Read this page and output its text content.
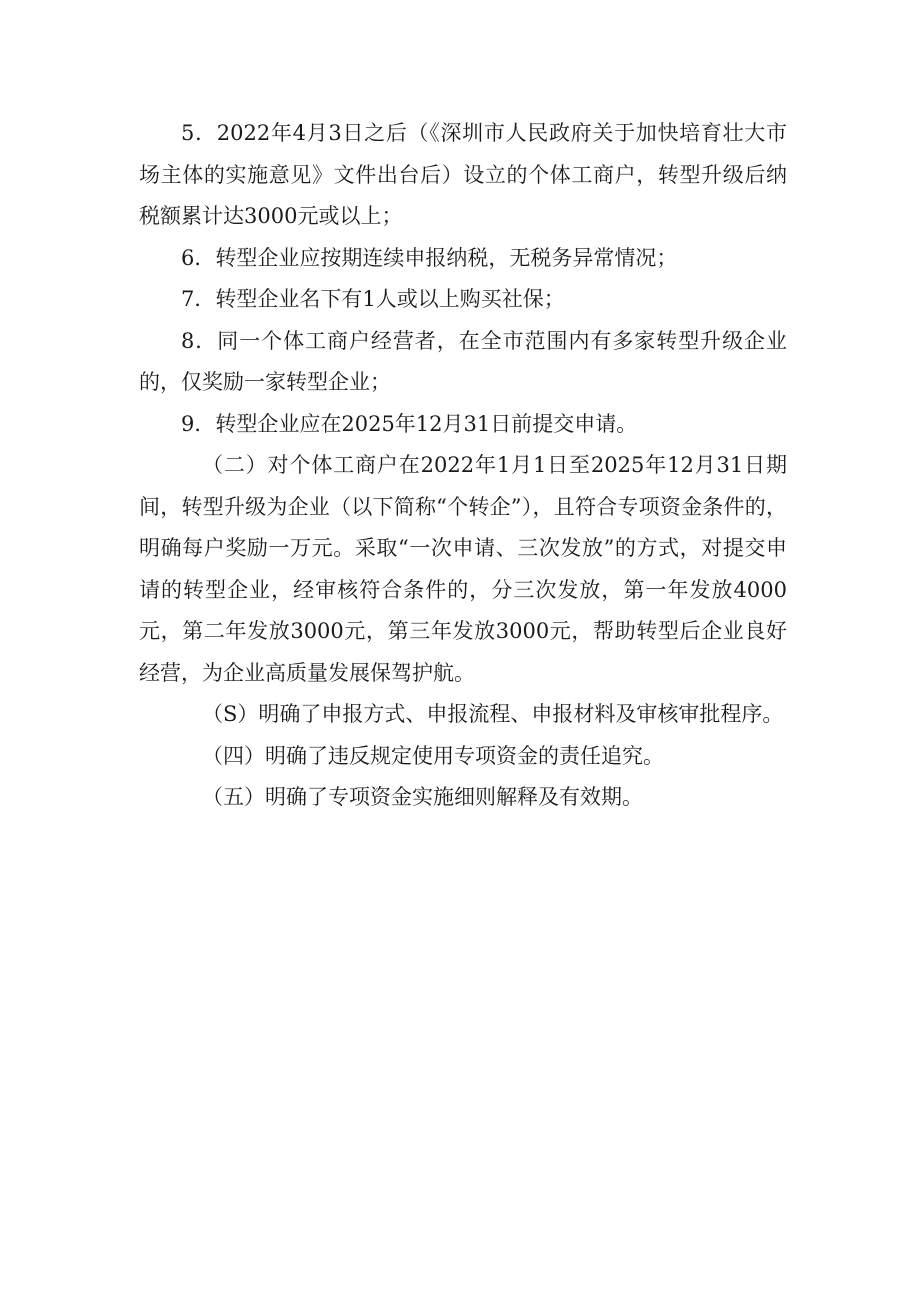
5．2022年4月3日之后（《深圳市人民政府关于加快培育壮大市场主体的实施意见》文件出台后）设立的个体工商户，转型升级后纳税额累计达3000元或以上；

6．转型企业应按期连续申报纳税，无税务异常情况；

7．转型企业名下有1人或以上购买社保；

8．同一个体工商户经营者，在全市范围内有多家转型升级企业的，仅奖励一家转型企业；

9．转型企业应在2025年12月31日前提交申请。

（二）对个体工商户在2022年1月1日至2025年12月31日期间，转型升级为企业（以下简称“个转企”），且符合专项资金条件的，明确每户奖励一万元。采取“一次申请、三次发放”的方式，对提交申请的转型企业，经审核符合条件的，分三次发放，第一年发放4000元，第二年发放3000元，第三年发放3000元，帮助转型后企业良好经营，为企业高质量发展保驾护航。

（S）明确了申报方式、申报流程、申报材料及审核审批程序。

（四）明确了违反规定使用专项资金的责任追究。

（五）明确了专项资金实施细则解释及有效期。
